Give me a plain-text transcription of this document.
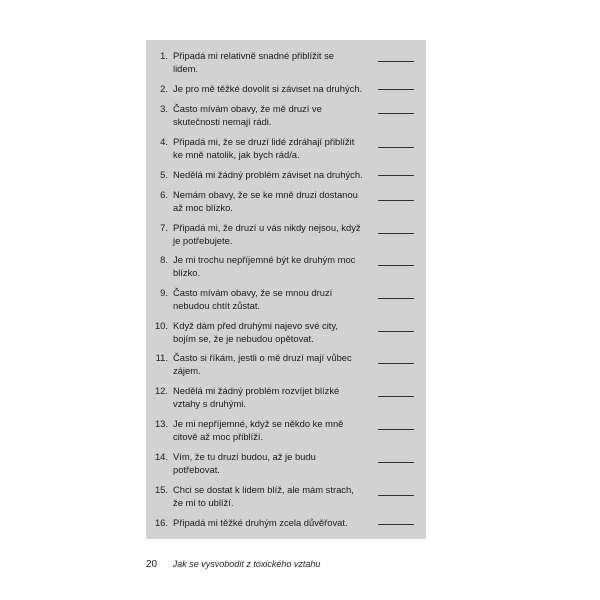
1. Připadá mi relativně snadné přiblížit se
lidem.
2. Je pro mě těžké dovolit si záviset na druhých.
3. Často mívám obavy, že mě druzí ve
skutečnosti nemají rádi.
4. Připadá mi, že se druzí lidé zdráhají přiblížit
ke mně natolik, jak bych rád/a.
5. Nedělá mi žádný problém záviset na druhých.
6. Nemám obavy, že se ke mně druzi dostanou
až moc blízko.
7. Připadá mi, že druzí u vás nikdy nejsou, když
je potřebujete.
8. Je mi trochu nepříjemné být ke druhým moc
blízko.
9. Často mívám obavy, že se mnou druzí
nebudou chtít zůstat.
10. Když dám před druhými najevo své city,
bojím se, že je nebudou opětovat.
11. Často si říkám, jestli o mě druzí mají vůbec
zájem.
12. Nedělá mi žádný problém rozvíjet blízké
vztahy s druhými.
13. Je mi nepříjemné, když se někdo ke mně
citově až moc přiblíží.
14. Vím, že tu druzí budou, až je budu
potřebovat.
15. Chci se dostat k lidem blíž, ale mám strach,
že mi to ublíží.
16. Připadá mi těžké druhým zcela důvěřovat.
20 Jak se vysvobodit z toxického vztahu
